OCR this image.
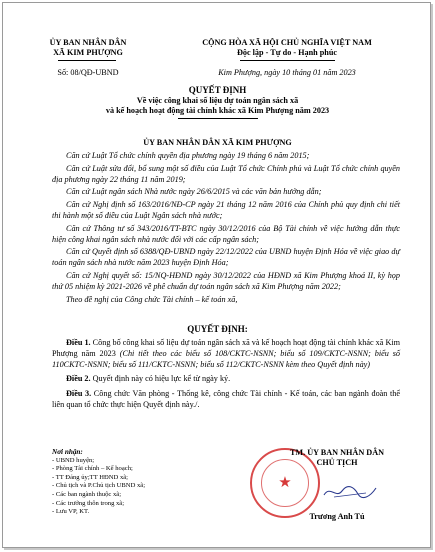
ỦY BAN NHÂN DÂN
XÃ KIM PHƯỢNG
CỘNG HÒA XÃ HỘI CHỦ NGHĨA VIỆT NAM
Độc lập - Tự do - Hạnh phúc
Số: 08/QĐ-UBND	Kim Phượng, ngày 10 tháng 01 năm 2023
QUYẾT ĐỊNH
Về việc công khai số liệu dự toán ngân sách xã
và kế hoạch hoạt động tài chính khác xã Kim Phượng năm 2023
ỦY BAN NHÂN DÂN XÃ KIM PHƯỢNG
Căn cứ Luật Tổ chức chính quyền địa phương ngày 19 tháng 6 năm 2015;
Căn cứ Luật sửa đổi, bổ sung một số điều của Luật Tổ chức Chính phủ và Luật Tổ chức chính quyền địa phương ngày 22 tháng 11 năm 2019;
Căn cứ Luật ngân sách Nhà nước ngày 26/6/2015 và các văn bản hướng dẫn;
Căn cứ Nghị định số 163/2016/NĐ-CP ngày 21 tháng 12 năm 2016 của Chính phủ quy định chi tiết thi hành một số điều của Luật Ngân sách nhà nước;
Căn cứ Thông tư số 343/2016/TT-BTC ngày 30/12/2016 của Bộ Tài chính về việc hướng dẫn thực hiện công khai ngân sách nhà nước đối với các cấp ngân sách;
Căn cứ Quyết định số 6388/QĐ-UBND ngày 22/12/2022 của UBND huyện Định Hóa về việc giao dự toán ngân sách nhà nước năm 2023 huyện Định Hóa;
Căn cứ Nghị quyết số: 15/NQ-HĐND ngày 30/12/2022 của HĐND xã Kim Phượng khoá II, kỳ họp thứ 05 nhiệm kỳ 2021-2026 về phê chuẩn dự toán ngân sách xã Kim Phượng năm 2022;
Theo đề nghị của Công chức Tài chính – kế toán xã,
QUYẾT ĐỊNH:
Điều 1. Công bố công khai số liệu dự toán ngân sách xã và kế hoạch hoạt động tài chính khác xã Kim Phượng năm 2023 (Chi tiết theo các biểu số 108/CKTC-NSNN; biểu số 109/CKTC-NSNN; biểu số 110CKTC-NSNN; biểu số 111/CKTC-NSNN; biểu số 112/CKTC-NSNN kèm theo Quyết định này)
Điều 2. Quyết định này có hiệu lực kể từ ngày ký.
Điều 3. Công chức Văn phòng - Thống kê, công chức Tài chính - Kế toán, các ban ngành đoàn thể liên quan tổ chức thực hiện Quyết định này./.
Nơi nhận:
- UBND huyện;
- Phòng Tài chính – Kế hoạch;
- TT Đảng ủy;TT HĐND xã;
- Chủ tịch và P.Chủ tịch UBND xã;
- Các ban ngành thuộc xã;
- Các trưởng thôn trong xã;
- Lưu VP, KT.
★
TM. ỦY BAN NHÂN DÂN
CHỦ TỊCH
Trương Anh Tú
